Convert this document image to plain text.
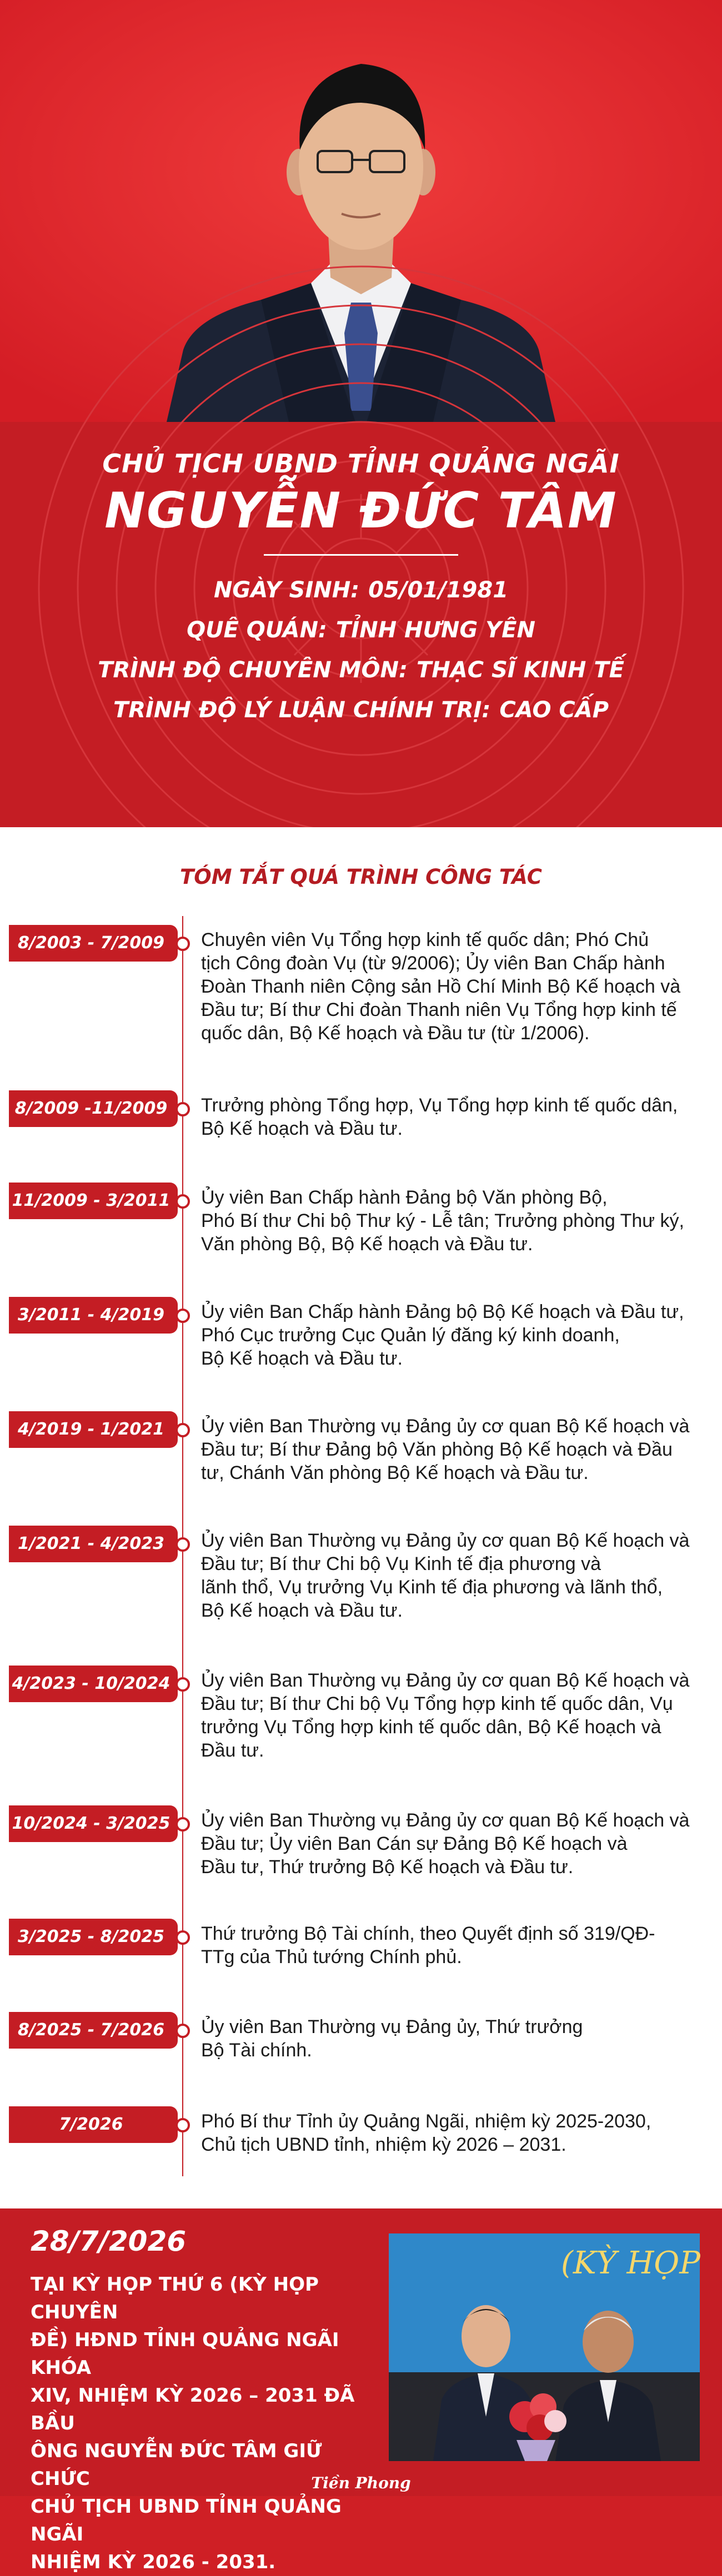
CHỦ TỊCH UBND TỈNH QUẢNG NGÃI
NGUYỄN ĐỨC TÂM
NGÀY SINH: 05/01/1981
QUÊ QUÁN: TỈNH HƯNG YÊN
TRÌNH ĐỘ CHUYÊN MÔN: THẠC SĨ KINH TẾ
TRÌNH ĐỘ LÝ LUẬN CHÍNH TRỊ: CAO CẤP
TÓM TẮT QUÁ TRÌNH CÔNG TÁC
8/2003 - 7/2009	Chuyên viên Vụ Tổng hợp kinh tế quốc dân; Phó Chủ
tịch Công đoàn Vụ (từ 9/2006); Ủy viên Ban Chấp hành
Đoàn Thanh niên Cộng sản Hồ Chí Minh Bộ Kế hoạch và
Đầu tư; Bí thư Chi đoàn Thanh niên Vụ Tổng hợp kinh tế
quốc dân, Bộ Kế hoạch và Đầu tư (từ 1/2006).
8/2009 -11/2009	Trưởng phòng Tổng hợp, Vụ Tổng hợp kinh tế quốc dân,
Bộ Kế hoạch và Đầu tư.
11/2009 - 3/2011	Ủy viên Ban Chấp hành Đảng bộ Văn phòng Bộ,
Phó Bí thư Chi bộ Thư ký - Lễ tân; Trưởng phòng Thư ký,
Văn phòng Bộ, Bộ Kế hoạch và Đầu tư.
3/2011 - 4/2019	Ủy viên Ban Chấp hành Đảng bộ Bộ Kế hoạch và Đầu tư,
Phó Cục trưởng Cục Quản lý đăng ký kinh doanh,
Bộ Kế hoạch và Đầu tư.
4/2019 - 1/2021	Ủy viên Ban Thường vụ Đảng ủy cơ quan Bộ Kế hoạch và
Đầu tư; Bí thư Đảng bộ Văn phòng Bộ Kế hoạch và Đầu
tư, Chánh Văn phòng Bộ Kế hoạch và Đầu tư.
1/2021 - 4/2023	Ủy viên Ban Thường vụ Đảng ủy cơ quan Bộ Kế hoạch và
Đầu tư; Bí thư Chi bộ Vụ Kinh tế địa phương và
lãnh thổ, Vụ trưởng Vụ Kinh tế địa phương và lãnh thổ,
Bộ Kế hoạch và Đầu tư.
4/2023 - 10/2024	Ủy viên Ban Thường vụ Đảng ủy cơ quan Bộ Kế hoạch và
Đầu tư; Bí thư Chi bộ Vụ Tổng hợp kinh tế quốc dân, Vụ
trưởng Vụ Tổng hợp kinh tế quốc dân, Bộ Kế hoạch và
Đầu tư.
10/2024 - 3/2025	Ủy viên Ban Thường vụ Đảng ủy cơ quan Bộ Kế hoạch và
Đầu tư; Ủy viên Ban Cán sự Đảng Bộ Kế hoạch và
Đầu tư, Thứ trưởng Bộ Kế hoạch và Đầu tư.
3/2025 - 8/2025	Thứ trưởng Bộ Tài chính, theo Quyết định số 319/QĐ-
TTg của Thủ tướng Chính phủ.
8/2025 - 7/2026	Ủy viên Ban Thường vụ Đảng ủy, Thứ trưởng
Bộ Tài chính.
7/2026	Phó Bí thư Tỉnh ủy Quảng Ngãi, nhiệm kỳ 2025-2030,
Chủ tịch UBND tỉnh, nhiệm kỳ 2026 – 2031.
28/7/2026
TẠI KỲ HỌP THỨ 6 (KỲ HỌP CHUYÊN
ĐỀ) HĐND TỈNH QUẢNG NGÃI KHÓA
XIV, NHIỆM KỲ 2026 – 2031 ĐÃ BẦU
ÔNG NGUYỄN ĐỨC TÂM GIỮ CHỨC
CHỦ TỊCH UBND TỈNH QUẢNG NGÃI
NHIỆM KỲ 2026 - 2031.
(KỲ HỌP
Tiền Phong
